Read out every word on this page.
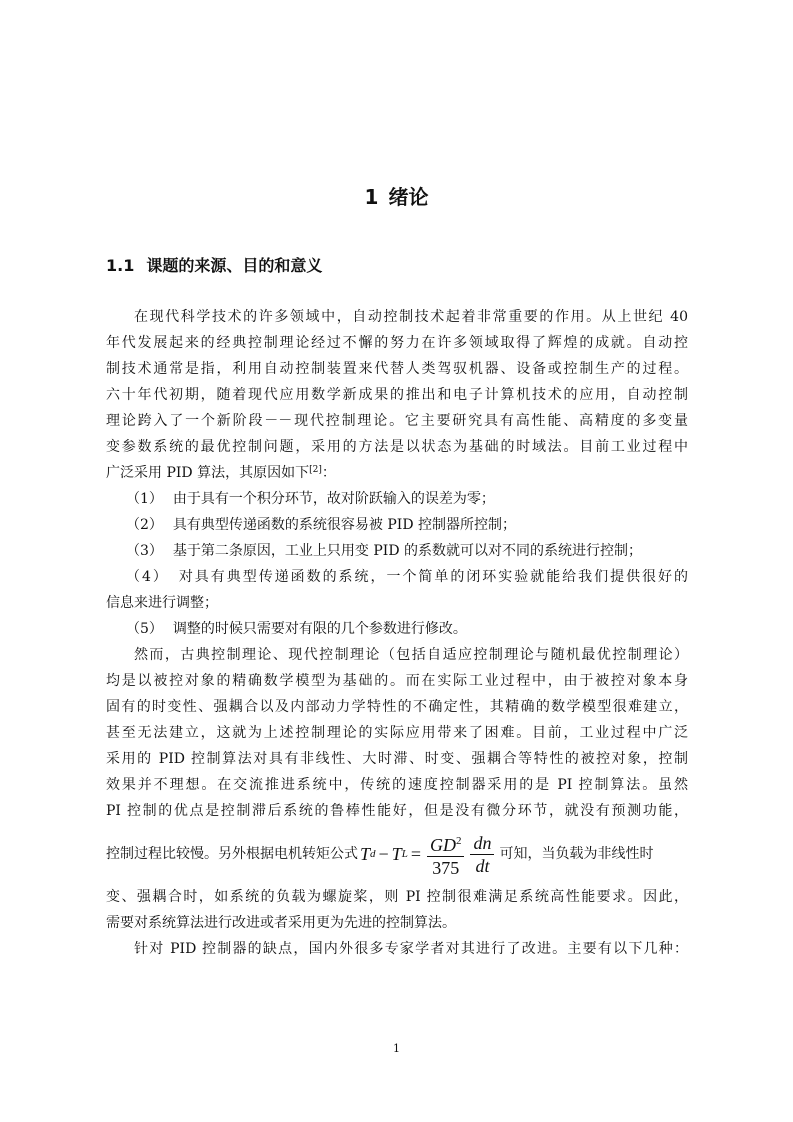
1 绪论
1.1 课题的来源、目的和意义

在现代科学技术的许多领域中，自动控制技术起着非常重要的作用。从上世纪 40

年代发展起来的经典控制理论经过不懈的努力在许多领域取得了辉煌的成就。自动控

制技术通常是指，利用自动控制装置来代替人类驾驭机器、设备或控制生产的过程。

六十年代初期，随着现代应用数学新成果的推出和电子计算机技术的应用，自动控制

理论跨入了一个新阶段－－现代控制理论。它主要研究具有高性能、高精度的多变量

变参数系统的最优控制问题，采用的方法是以状态为基础的时域法。目前工业过程中

广泛采用 PID 算法，其原因如下[2]：

（1） 由于具有一个积分环节，故对阶跃输入的误差为零；

（2） 具有典型传递函数的系统很容易被 PID 控制器所控制；

（3） 基于第二条原因，工业上只用变 PID 的系数就可以对不同的系统进行控制；

（4） 对具有典型传递函数的系统，一个简单的闭环实验就能给我们提供很好的

信息来进行调整；

（5） 调整的时候只需要对有限的几个参数进行修改。

然而，古典控制理论、现代控制理论（包括自适应控制理论与随机最优控制理论）

均是以被控对象的精确数学模型为基础的。而在实际工业过程中，由于被控对象本身

固有的时变性、强耦合以及内部动力学特性的不确定性，其精确的数学模型很难建立，

甚至无法建立，这就为上述控制理论的实际应用带来了困难。目前，工业过程中广泛

采用的 PID 控制算法对具有非线性、大时滞、时变、强耦合等特性的被控对象，控制

效果并不理想。在交流推进系统中，传统的速度控制器采用的是 PI 控制算法。虽然

PI 控制的优点是控制滞后系统的鲁棒性能好，但是没有微分环节，就没有预测功能，

控制过程比较慢。另外根据电机转矩公式 T d − T $L = \frac{GD^2}{375} \frac{dn}{dt}$ 可知，当负载为非线性时

变、强耦合时，如系统的负载为螺旋桨，则 PI 控制很难满足系统高性能要求。因此，

需要对系统算法进行改进或者采用更为先进的控制算法。

针对 PID 控制器的缺点，国内外很多专家学者对其进行了改进。主要有以下几种：

1
